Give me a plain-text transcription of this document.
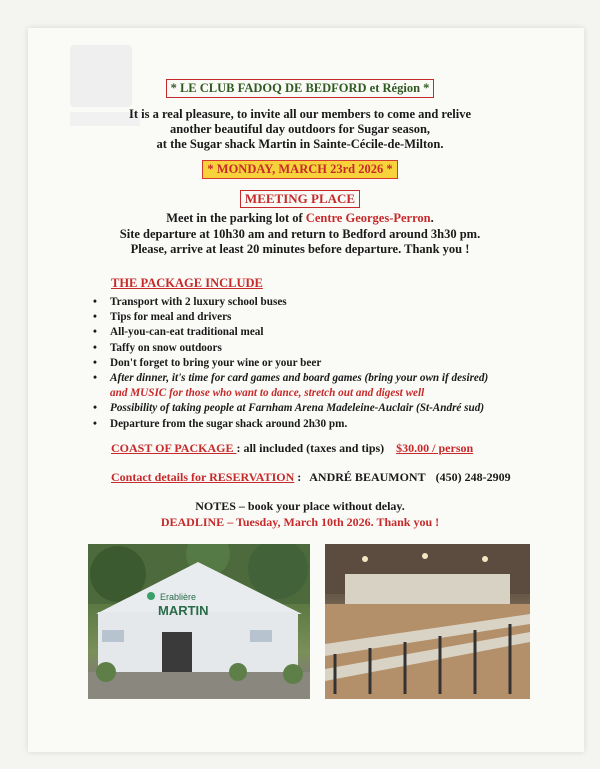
* LE CLUB FADOQ DE BEDFORD et Région *
It is a real pleasure, to invite all our members to come and relive
another beautiful day outdoors for Sugar season,
at the Sugar shack Martin in Sainte-Cécile-de-Milton.
* MONDAY, MARCH 23rd 2026 *
MEETING PLACE
Meet in the parking lot of Centre Georges-Perron.
Site departure at 10h30 am and return to Bedford around 3h30 pm.
Please, arrive at least 20 minutes before departure. Thank you !
THE PACKAGE INCLUDE
• Transport with 2 luxury school buses
• Tips for meal and drivers
• All-you-can-eat traditional meal
• Taffy on snow outdoors
• Don't forget to bring your wine or your beer
• After dinner, it's time for card games and board games (bring your own if desired)
and MUSIC for those who want to dance, stretch out and digest well
• Possibility of taking people at Farnham Arena Madeleine-Auclair (St-André sud)
• Departure from the sugar shack around 2h30 pm.
COAST OF PACKAGE : all included (taxes and tips) $30.00 / person
Contact details for RESERVATION : ANDRÉ BEAUMONT (450) 248-2909
NOTES – book your place without delay.
DEADLINE – Tuesday, March 10th 2026. Thank you !
Erablière
MARTIN
